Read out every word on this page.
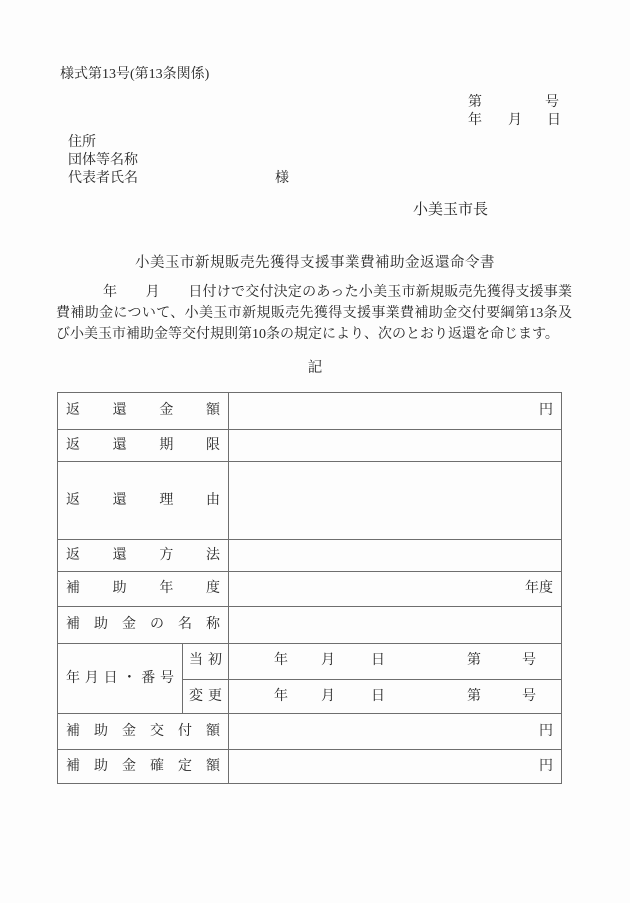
様式第13号(第13条関係)
第	号
年 月 日
住所
団体等名称
代表者氏名	様
小美玉市長
小美玉市新規販売先獲得支援事業費補助金返還命令書
年　　月　　日付けで交付決定のあった小美玉市新規販売先獲得支援事業費補助金について、小美玉市新規販売先獲得支援事業費補助金交付要綱第13条及び小美玉市補助金等交付規則第10条の規定により、次のとおり返還を命じます。
記
返還金額	円
返還期限
返還理由
返還方法
補助年度	年度
補助金の名称
年月日・番号
当初	年 月	日	第	号
変更	年 月	日	第	号
補助金交付額	円
補助金確定額	円
